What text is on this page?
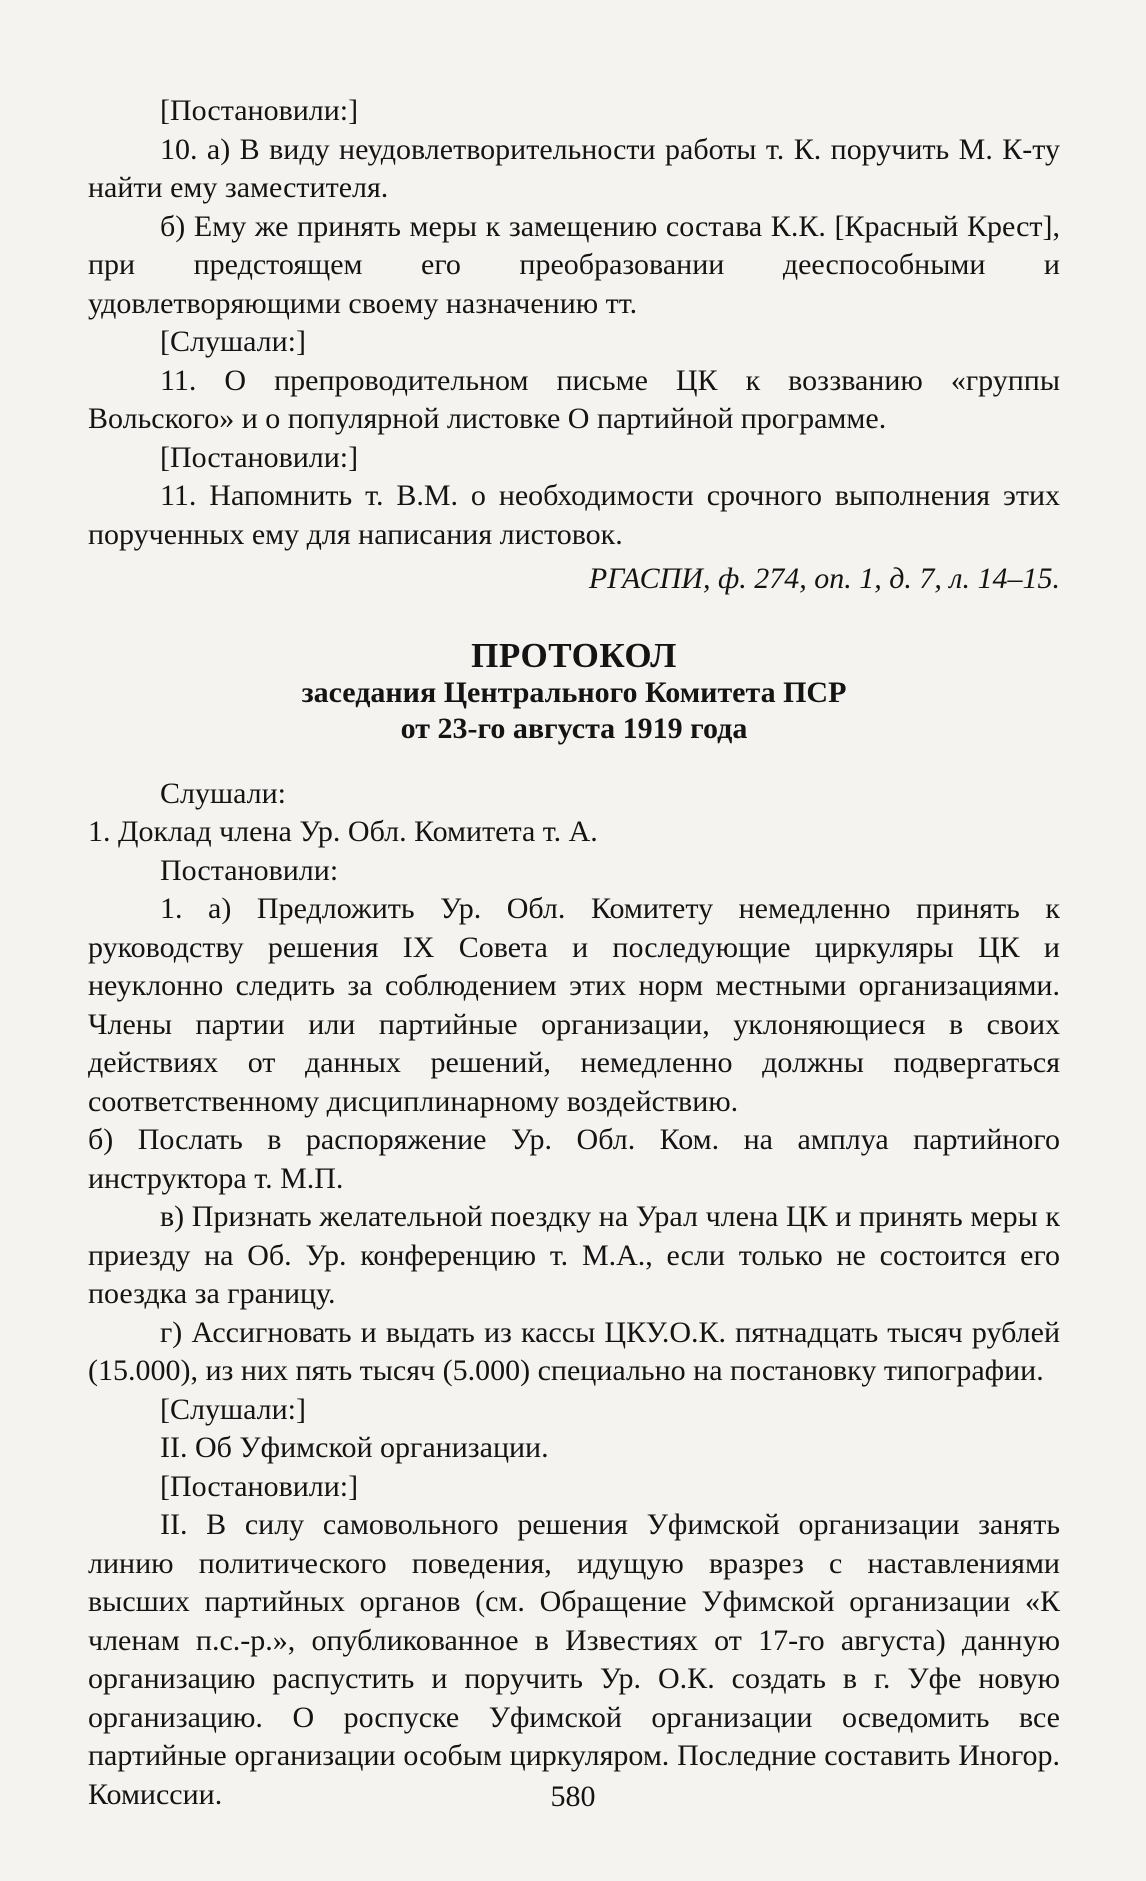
[Постановили:]

10. а) В виду неудовлетворительности работы т. К. поручить М. К-ту найти ему заместителя.

б) Ему же принять меры к замещению состава К.К. [Красный Крест], при предстоящем его преобразовании дееспособными и удовлетворяющими своему назначению тт.

[Слушали:]

11. О препроводительном письме ЦК к воззванию «группы Вольского» и о популярной листовке О партийной программе.

[Постановили:]

11. Напомнить т. В.М. о необходимости срочного выполнения этих порученных ему для написания листовок.

РГАСПИ, ф. 274, оп. 1, д. 7, л. 14–15.

ПРОТОКОЛ

заседания Центрального Комитета ПСР

от 23-го августа 1919 года

Слушали:

1. Доклад члена Ур. Обл. Комитета т. А.

Постановили:

1. а) Предложить Ур. Обл. Комитету немедленно принять к руководству решения IX Совета и последующие циркуляры ЦК и неуклонно следить за соблюдением этих норм местными организациями. Члены партии или партийные организации, уклоняющиеся в своих действиях от данных решений, немедленно должны подвергаться соответственному дисциплинарному воздействию.

б) Послать в распоряжение Ур. Обл. Ком. на амплуа партийного инструктора т. М.П.

в) Признать желательной поездку на Урал члена ЦК и принять меры к приезду на Об. Ур. конференцию т. М.А., если только не состоится его поездка за границу.

г) Ассигновать и выдать из кассы ЦКУ.О.К. пятнадцать тысяч рублей (15.000), из них пять тысяч (5.000) специально на постановку типографии.

[Слушали:]

II. Об Уфимской организации.

[Постановили:]

II. В силу самовольного решения Уфимской организации занять линию политического поведения, идущую вразрез с наставлениями высших партийных органов (см. Обращение Уфимской организации «К членам п.с.-р.», опубликованное в Известиях от 17-го августа) данную организацию распустить и поручить Ур. О.К. создать в г. Уфе новую организацию. О роспуске Уфимской организации осведомить все партийные организации особым циркуляром. Последние составить Иногор. Комиссии.	580
